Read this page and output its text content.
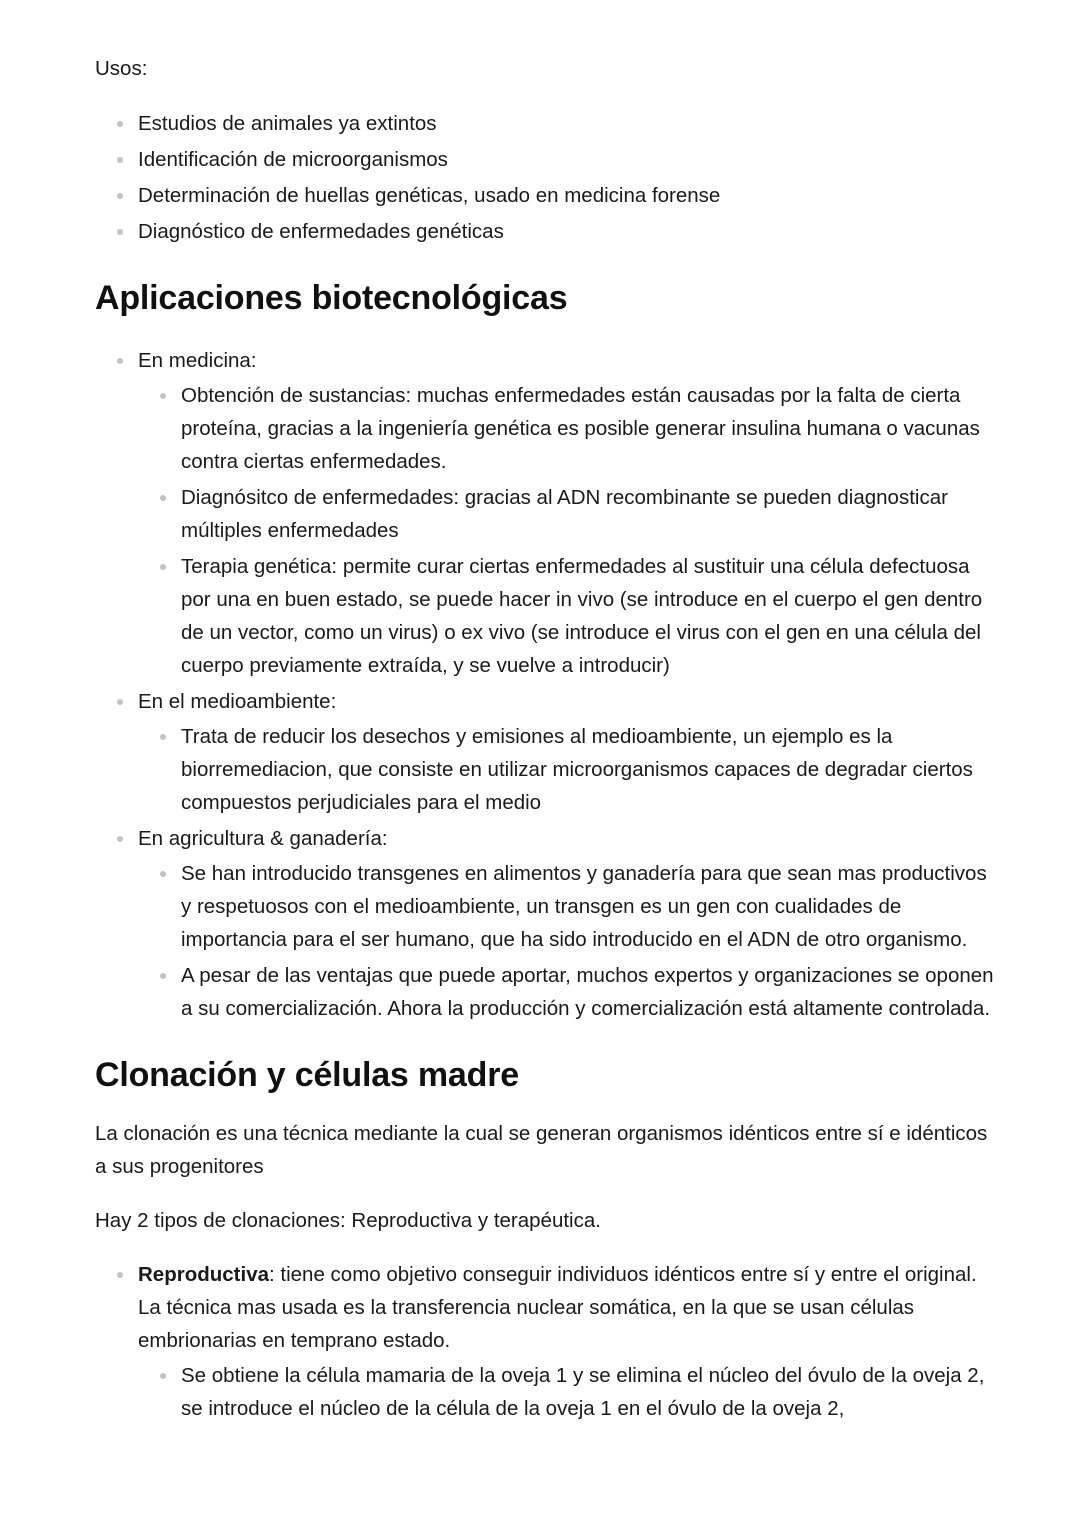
Usos:

Estudios de animales ya extintos
Identificación de microorganismos
Determinación de huellas genéticas, usado en medicina forense
Diagnóstico de enfermedades genéticas
Aplicaciones biotecnológicas
En medicina:
Obtención de sustancias: muchas enfermedades están causadas por la falta de cierta proteína, gracias a la ingeniería genética es posible generar insulina humana o vacunas contra ciertas enfermedades.
Diagnósitco de enfermedades: gracias al ADN recombinante se pueden diagnosticar múltiples enfermedades
Terapia genética: permite curar ciertas enfermedades al sustituir una célula defectuosa por una en buen estado, se puede hacer in vivo (se introduce en el cuerpo el gen dentro de un vector, como un virus) o ex vivo (se introduce el virus con el gen en una célula del cuerpo previamente extraída, y se vuelve a introducir)
En el medioambiente:
Trata de reducir los desechos y emisiones al medioambiente, un ejemplo es la biorremediacion, que consiste en utilizar microorganismos capaces de degradar ciertos compuestos perjudiciales para el medio
En agricultura & ganadería:
Se han introducido transgenes en alimentos y ganadería para que sean mas productivos y respetuosos con el medioambiente, un transgen es un gen con cualidades de importancia para el ser humano, que ha sido introducido en el ADN de otro organismo.
A pesar de las ventajas que puede aportar, muchos expertos y organizaciones se oponen a su comercialización. Ahora la producción y comercialización está altamente controlada.
Clonación y células madre

La clonación es una técnica mediante la cual se generan organismos idénticos entre sí e idénticos a sus progenitores

Hay 2 tipos de clonaciones: Reproductiva y terapéutica.

Reproductiva: tiene como objetivo conseguir individuos idénticos entre sí y entre el original. La técnica mas usada es la transferencia nuclear somática, en la que se usan células embrionarias en temprano estado.
Se obtiene la célula mamaria de la oveja 1 y se elimina el núcleo del óvulo de la oveja 2, se introduce el núcleo de la célula de la oveja 1 en el óvulo de la oveja 2,
